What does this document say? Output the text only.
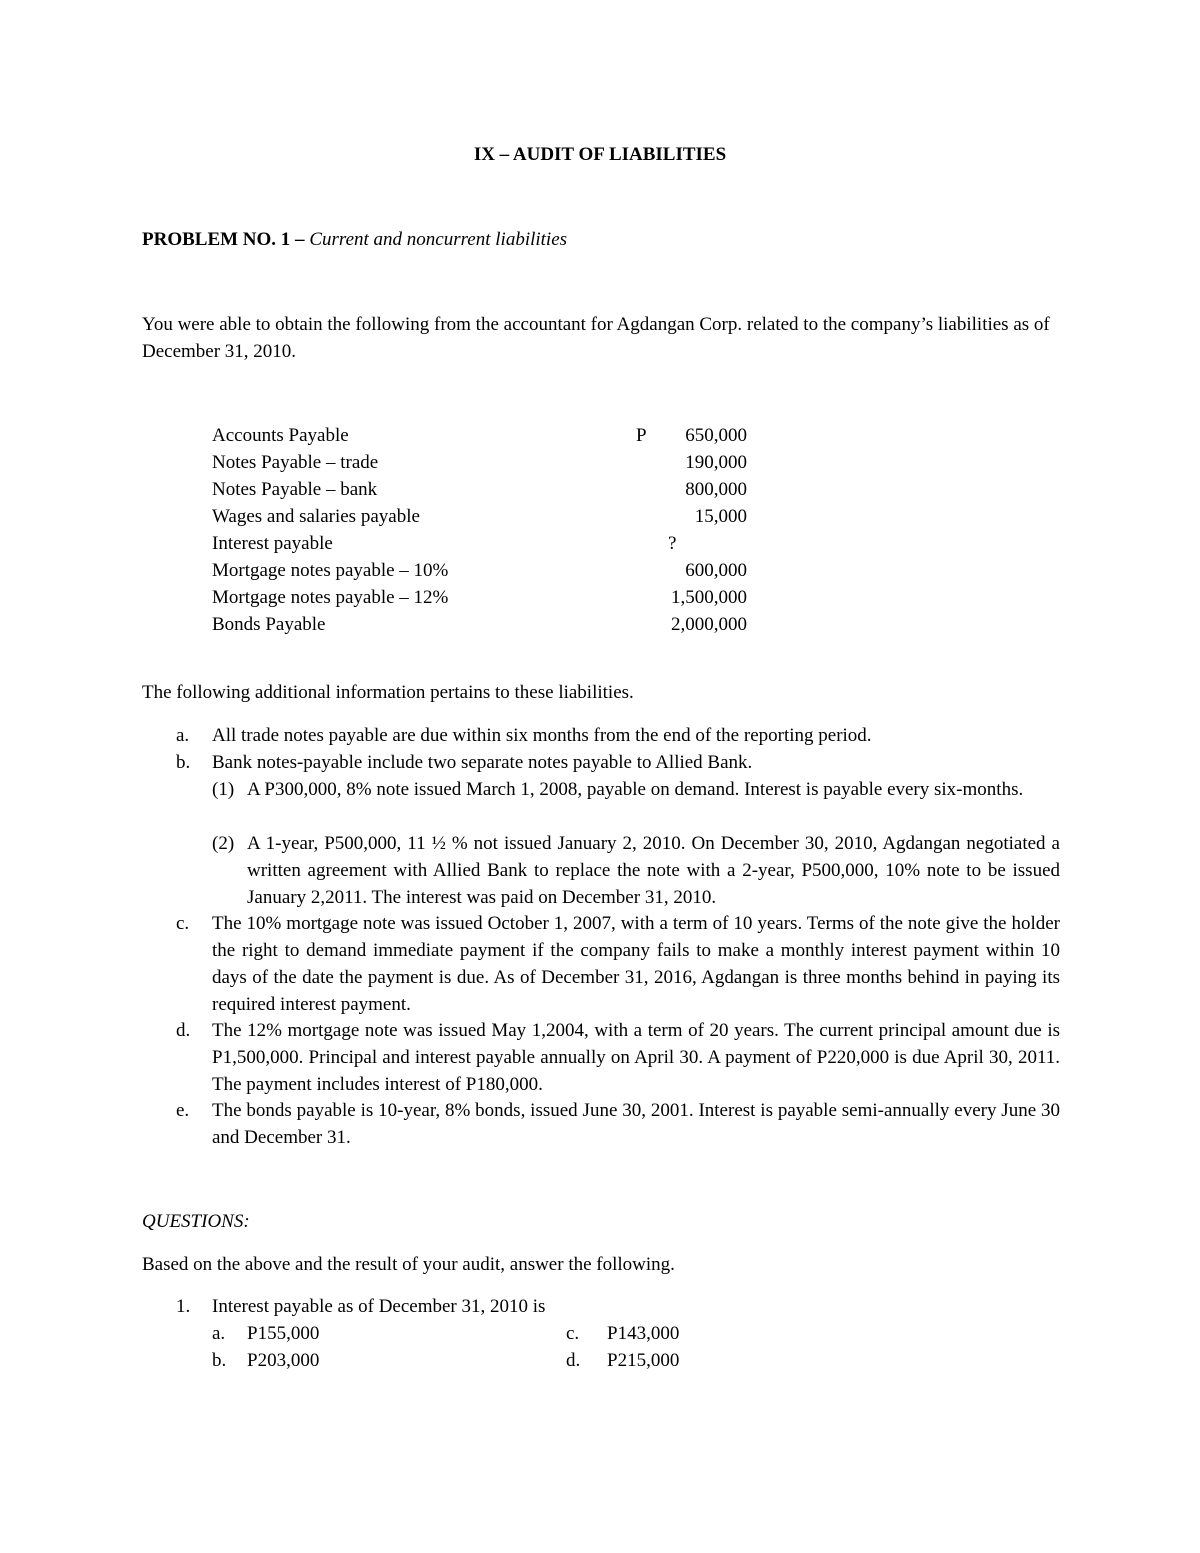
IX – AUDIT OF LIABILITIES
PROBLEM NO. 1 – Current and noncurrent liabilities
You were able to obtain the following from the accountant for Agdangan Corp. related to the company’s liabilities as of December 31, 2010.
Accounts Payable	P 650,000
Notes Payable – trade	190,000
Notes Payable – bank	800,000
Wages and salaries payable	15,000
Interest payable	?
Mortgage notes payable – 10%	600,000
Mortgage notes payable – 12%	1,500,000
Bonds Payable	2,000,000
The following additional information pertains to these liabilities.
a. All trade notes payable are due within six months from the end of the reporting period.
b. Bank notes-payable include two separate notes payable to Allied Bank.
(1) A P300,000, 8% note issued March 1, 2008, payable on demand. Interest is payable every six-months.
(2) A 1-year, P500,000, 11 ½ % not issued January 2, 2010. On December 30, 2010, Agdangan negotiated a written agreement with Allied Bank to replace the note with a 2-year, P500,000, 10% note to be issued January 2,2011. The interest was paid on December 31, 2010.
c. The 10% mortgage note was issued October 1, 2007, with a term of 10 years. Terms of the note give the holder the right to demand immediate payment if the company fails to make a monthly interest payment within 10 days of the date the payment is due. As of December 31, 2016, Agdangan is three months behind in paying its required interest payment.
d. The 12% mortgage note was issued May 1,2004, with a term of 20 years. The current principal amount due is P1,500,000. Principal and interest payable annually on April 30. A payment of P220,000 is due April 30, 2011. The payment includes interest of P180,000.
e. The bonds payable is 10-year, 8% bonds, issued June 30, 2001. Interest is payable semi-annually every June 30 and December 31.
QUESTIONS:
Based on the above and the result of your audit, answer the following.
1. Interest payable as of December 31, 2010 is
a. P155,000
b. P203,000
c. P143,000
d. P215,000
